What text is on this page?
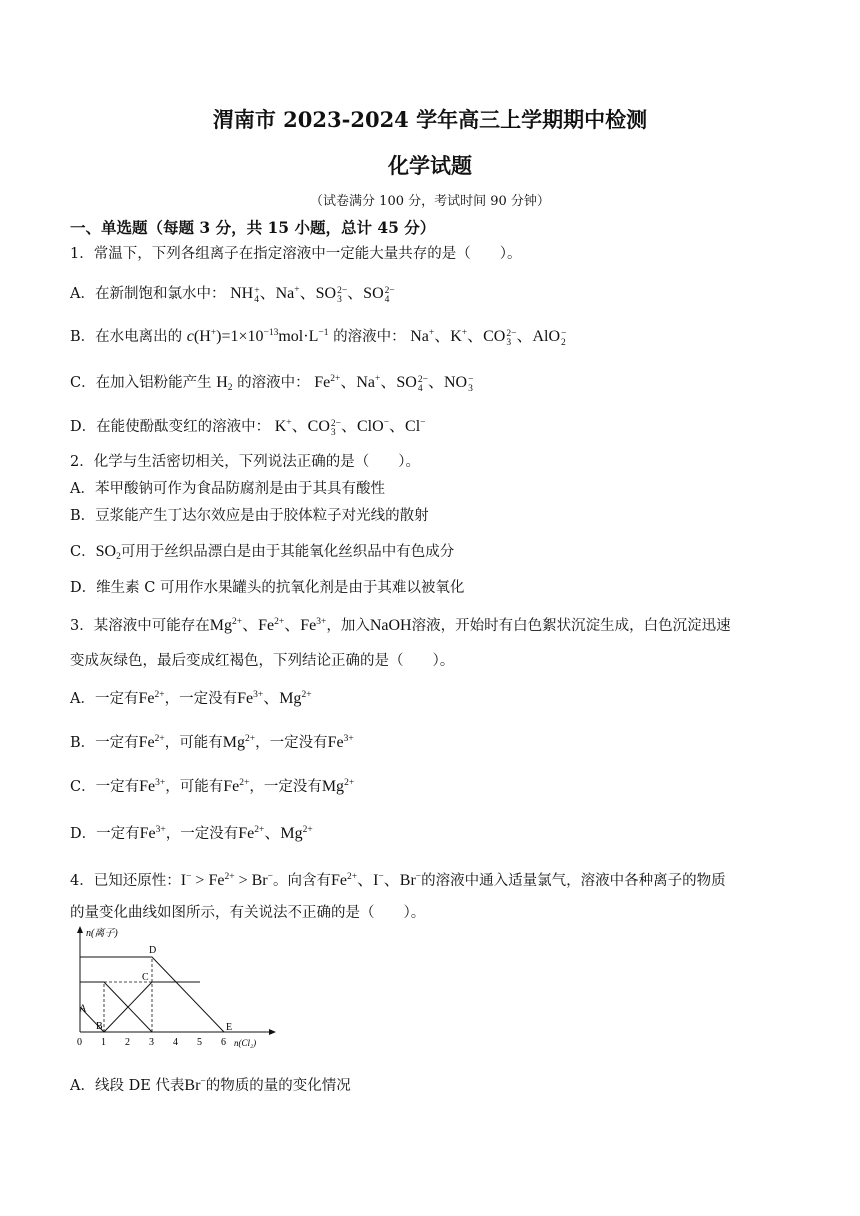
渭南市 2023-2024 学年高三上学期期中检测
化学试题
（试卷满分 100 分，考试时间 90 分钟）
一、单选题（每题 3 分，共 15 小题，总计 45 分）
1．常温下，下列各组离子在指定溶液中一定能大量共存的是（　　）。
A．在新制饱和氯水中： NH +
4 、Na+、SO 2−
3 、SO 2−
4
B．在水电离出的 $c(H^+)=1\times 10^{-13}mol\cdot L^{-1}$ 的溶液中： Na+、K+、CO 2−
3 、AlO −
2
C．在加入铝粉能产生 $H_2$ 的溶液中： $Fe^{2+}$、Na+、SO 2−
4 、NO −
3
D．在能使酚酞变红的溶液中： K+、CO 2−
3 、ClO−、Cl−
2．化学与生活密切相关，下列说法正确的是（　　）。
A．苯甲酸钠可作为食品防腐剂是由于其具有酸性
B．豆浆能产生丁达尔效应是由于胶体粒子对光线的散射
C．$SO_2$可用于丝织品漂白是由于其能氧化丝织品中有色成分
D．维生素 C 可用作水果罐头的抗氧化剂是由于其难以被氧化
3．某溶液中可能存在$Mg^{2+}$、$Fe^{2+}$、$Fe^{3+}$，加入NaOH溶液，开始时有白色絮状沉淀生成，白色沉淀迅速
变成灰绿色，最后变成红褐色，下列结论正确的是（　　）。
A．一定有$Fe^{2+}$，一定没有$Fe^{3+}$、$Mg^{2+}$
B．一定有$Fe^{2+}$，可能有$Mg^{2+}$，一定没有$Fe^{3+}$
C．一定有$Fe^{3+}$，可能有$Fe^{2+}$，一定没有$Mg^{2+}$
D．一定有$Fe^{3+}$，一定没有$Fe^{2+}$、$Mg^{2+}$
4．已知还原性：$I^- > Fe^{2+} > Br^-$。向含有$Fe^{2+}$、I−、Br−的溶液中通入适量氯气，溶液中各种离子的物质
的量变化曲线如图所示，有关说法不正确的是（　　）。
n(离子)
n(Cl₂)
0 1 2 3 4 5 6
A
B
C
D
E
A．线段 DE 代表Br−的物质的量的变化情况
